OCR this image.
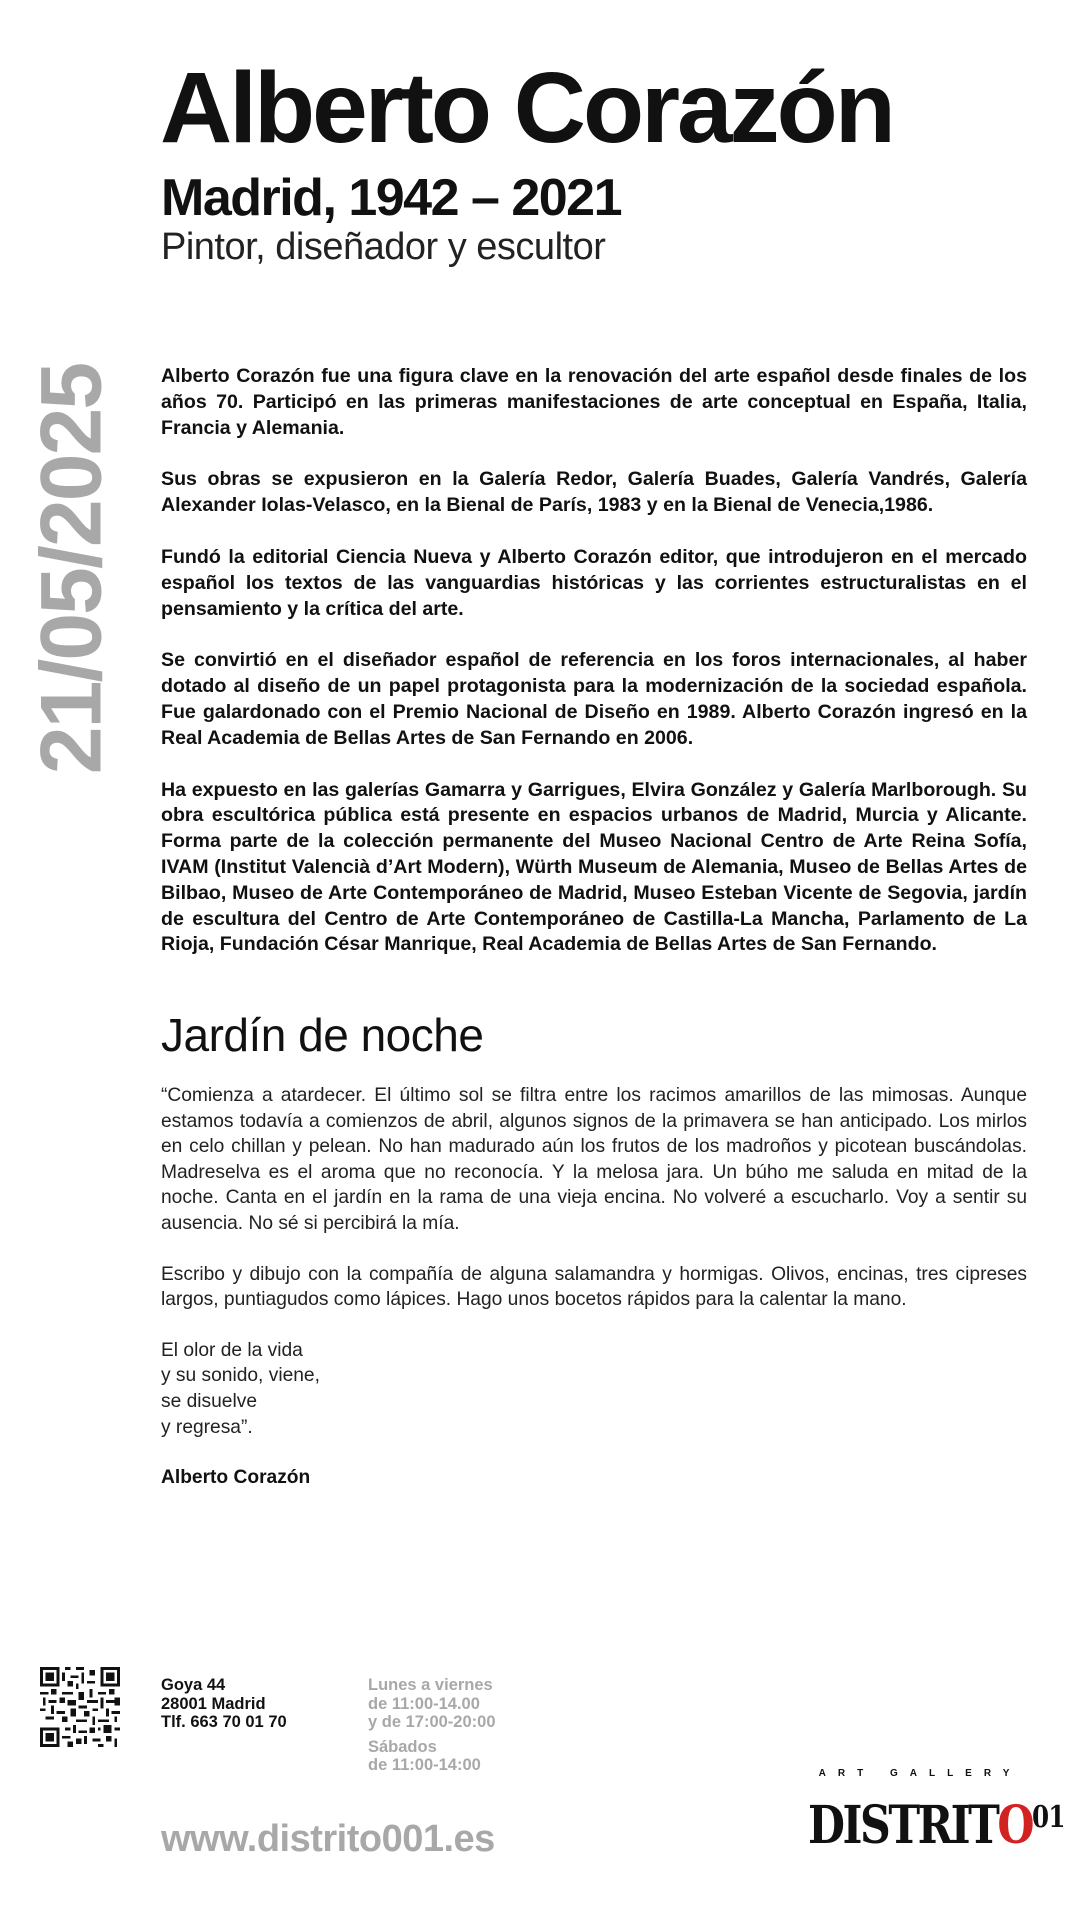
Alberto Corazón
Madrid, 1942 – 2021

Pintor, diseñador y escultor

21/05/2025 Alberto Corazón fue una figura clave en la renovación del arte español desde finales de los años 70. Participó en las primeras manifestaciones de arte conceptual en España, Italia, Francia y Alemania.

Sus obras se expusieron en la Galería Redor, Galería Buades, Galería Vandrés, Galería Alexander Iolas-Velasco, en la Bienal de París, 1983 y en la Bienal de Venecia,1986.

Fundó la editorial Ciencia Nueva y Alberto Corazón editor, que introdujeron en el mercado español los textos de las vanguardias históricas y las corrientes estructuralistas en el pensamiento y la crítica del arte.

Se convirtió en el diseñador español de referencia en los foros internacionales, al haber dotado al diseño de un papel protagonista para la modernización de la sociedad española. Fue galardonado con el Premio Nacional de Diseño en 1989. Alberto Corazón ingresó en la Real Academia de Bellas Artes de San Fernando en 2006.

Ha expuesto en las galerías Gamarra y Garrigues, Elvira González y Galería Marlborough. Su obra escultórica pública está presente en espacios urbanos de Madrid, Murcia y Alicante. Forma parte de la colección permanente del Museo Nacional Centro de Arte Reina Sofía, IVAM (Institut Valencià d’Art Modern), Würth Museum de Alemania, Museo de Bellas Artes de Bilbao, Museo de Arte Contemporáneo de Madrid, Museo Esteban Vicente de Segovia, jardín de escultura del Centro de Arte Contemporáneo de Castilla-La Mancha, Parlamento de La Rioja, Fundación César Manrique, Real Academia de Bellas Artes de San Fernando.

Jardín de noche

“Comienza a atardecer. El último sol se filtra entre los racimos amarillos de las mimosas. Aunque estamos todavía a comienzos de abril, algunos signos de la primavera se han anticipado. Los mirlos en celo chillan y pelean. No han madurado aún los frutos de los madroños y picotean buscándolas. Madreselva es el aroma que no reconocía. Y la melosa jara. Un búho me saluda en mitad de la noche. Canta en el jardín en la rama de una vieja encina. No volveré a escucharlo. Voy a sentir su ausencia. No sé si percibirá la mía.

Escribo y dibujo con la compañía de alguna salamandra y hormigas. Olivos, encinas, tres cipreses largos, puntiagudos como lápices. Hago unos bocetos rápidos para la calentar la mano.

El olor de la vida
y su sonido, viene,
se disuelve
y regresa”.

Alberto Corazón

Goya 44
28001 Madrid
Tlf. 663 70 01 70
Lunes a viernes
de 11:00-14.00
y de 17:00-20:00
Sábados
de 11:00-14:00
www.distrito001.es
ART GALLERY
DISTRITO$^{01}$
